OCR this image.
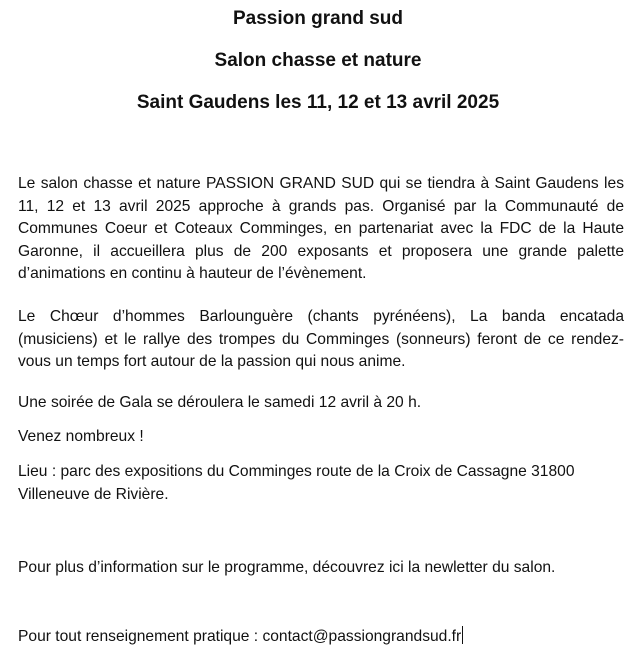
Passion grand sud
Salon chasse et nature
Saint Gaudens les 11, 12 et 13 avril 2025

Le salon chasse et nature PASSION GRAND SUD qui se tiendra à Saint Gaudens les 11, 12 et 13 avril 2025 approche à grands pas. Organisé par la Communauté de Communes Coeur et Coteaux Comminges, en partenariat avec la FDC de la Haute Garonne, il accueillera plus de 200 exposants et proposera une grande palette d’animations en continu à hauteur de l’évènement.

Le Chœur d’hommes Barlounguère (chants pyrénéens), La banda encatada (musiciens) et le rallye des trompes du Comminges (sonneurs) feront de ce rendez-vous un temps fort autour de la passion qui nous anime.

Une soirée de Gala se déroulera le samedi 12 avril à 20 h.

Venez nombreux !

Lieu : parc des expositions du Comminges route de la Croix de Cassagne 31800
Villeneuve de Rivière.

Pour plus d’information sur le programme, découvrez ici la newletter du salon.

Pour tout renseignement pratique : contact@passiongrandsud.fr
